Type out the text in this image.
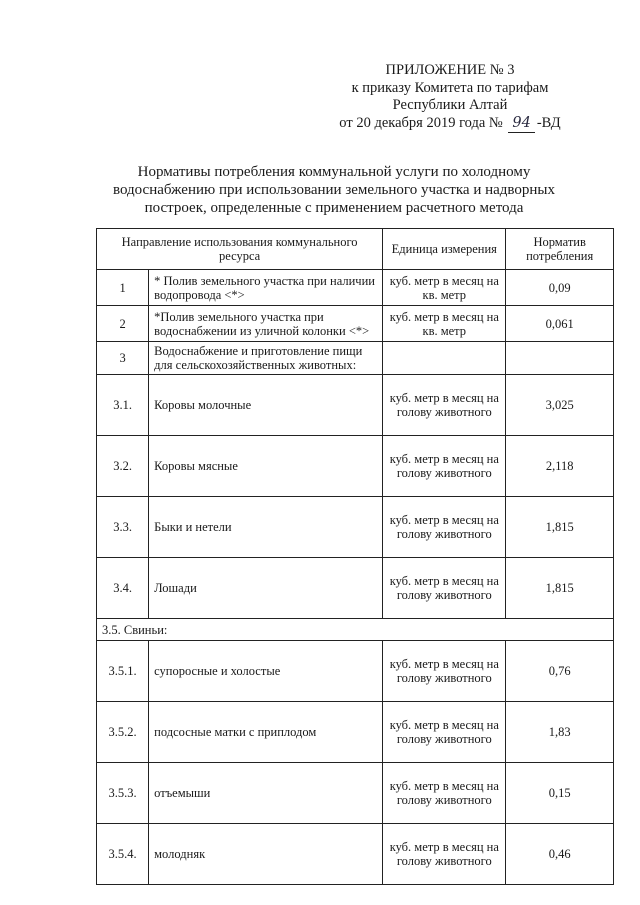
ПРИЛОЖЕНИЕ № 3
к приказу Комитета по тарифам
Республики Алтай
от 20 декабря 2019 года № 94 -ВД
Нормативы потребления коммунальной услуги по холодному водоснабжению при использовании земельного участка и надворных построек, определенные с применением расчетного метода
Направление использования коммунального ресурса		Единица измерения	Норматив потребления
1	* Полив земельного участка при наличии водопровода <*>	куб. метр в месяц на кв. метр	0,09
2	*Полив земельного участка при водоснабжении из уличной колонки <*>	куб. метр в месяц на кв. метр	0,061
3	Водоснабжение и приготовление пищи для сельскохозяйственных животных:		
3.1.	Коровы молочные	куб. метр в месяц на голову животного	3,025
3.2.	Коровы мясные	куб. метр в месяц на голову животного	2,118
3.3.	Быки и нетели	куб. метр в месяц на голову животного	1,815
3.4.	Лошади	куб. метр в месяц на голову животного	1,815
3.5. Свиньи:			
3.5.1.	супоросные и холостые	куб. метр в месяц на голову животного	0,76
3.5.2.	подсосные матки с приплодом	куб. метр в месяц на голову животного	1,83
3.5.3.	отъемыши	куб. метр в месяц на голову животного	0,15
3.5.4.	молодняк	куб. метр в месяц на голову животного	0,46
